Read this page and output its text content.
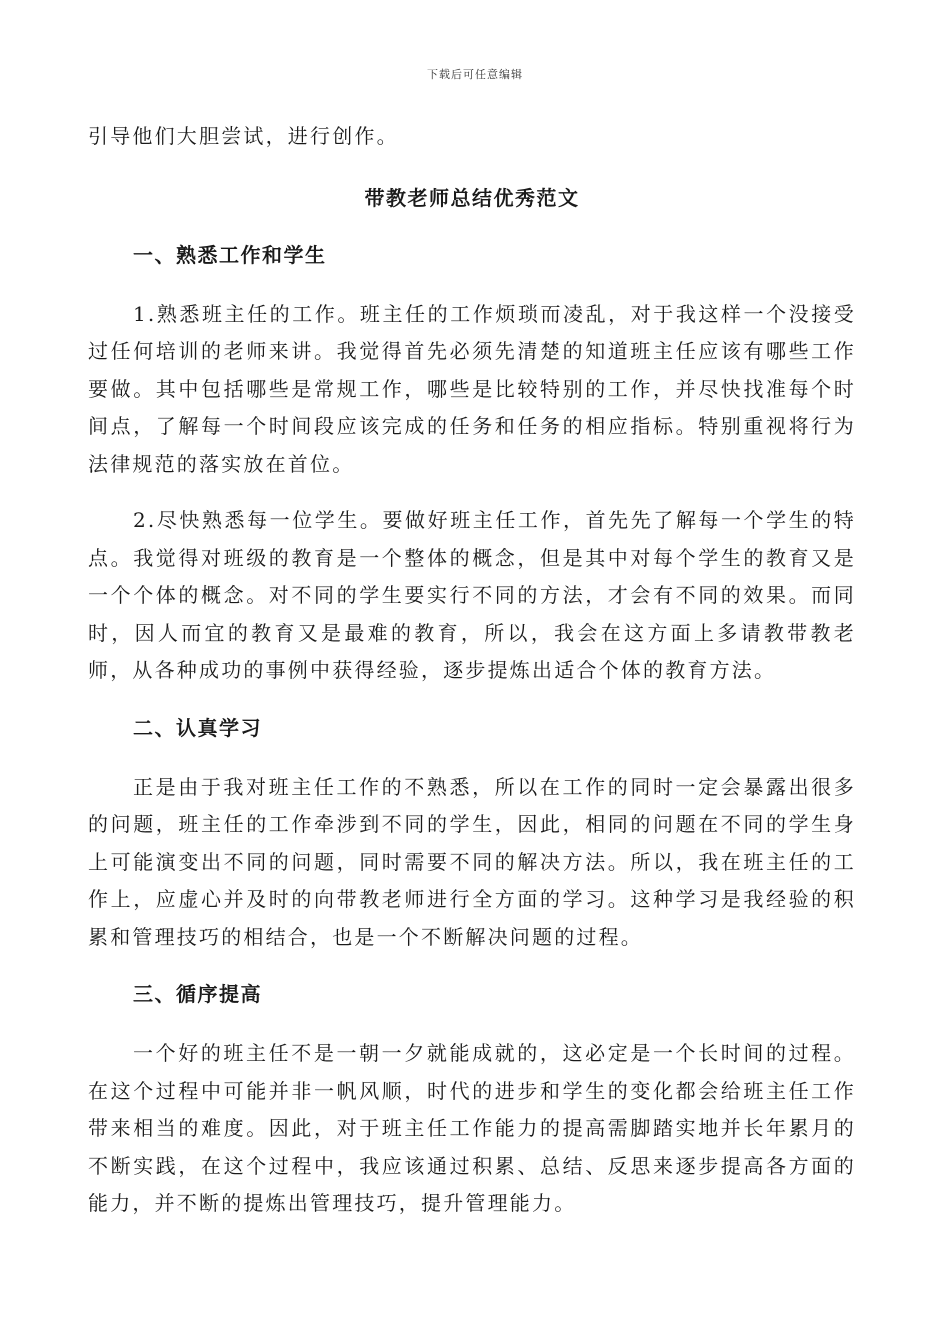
下载后可任意编辑

引导他们大胆尝试，进行创作。

带教老师总结优秀范文

一、熟悉工作和学生

1.熟悉班主任的工作。班主任的工作烦琐而凌乱，对于我这样一个没接受过任何培训的老师来讲。我觉得首先必须先清楚的知道班主任应该有哪些工作要做。其中包括哪些是常规工作，哪些是比较特别的工作，并尽快找准每个时间点，了解每一个时间段应该完成的任务和任务的相应指标。特别重视将行为法律规范的落实放在首位。

2.尽快熟悉每一位学生。要做好班主任工作，首先先了解每一个学生的特点。我觉得对班级的教育是一个整体的概念，但是其中对每个学生的教育又是一个个体的概念。对不同的学生要实行不同的方法，才会有不同的效果。而同时，因人而宜的教育又是最难的教育，所以，我会在这方面上多请教带教老师，从各种成功的事例中获得经验，逐步提炼出适合个体的教育方法。

二、认真学习

正是由于我对班主任工作的不熟悉，所以在工作的同时一定会暴露出很多的问题，班主任的工作牵涉到不同的学生，因此，相同的问题在不同的学生身上可能演变出不同的问题，同时需要不同的解决方法。所以，我在班主任的工作上，应虚心并及时的向带教老师进行全方面的学习。这种学习是我经验的积累和管理技巧的相结合，也是一个不断解决问题的过程。

三、循序提高

一个好的班主任不是一朝一夕就能成就的，这必定是一个长时间的过程。在这个过程中可能并非一帆风顺，时代的进步和学生的变化都会给班主任工作带来相当的难度。因此，对于班主任工作能力的提高需脚踏实地并长年累月的不断实践，在这个过程中，我应该通过积累、总结、反思来逐步提高各方面的能力，并不断的提炼出管理技巧，提升管理能力。
